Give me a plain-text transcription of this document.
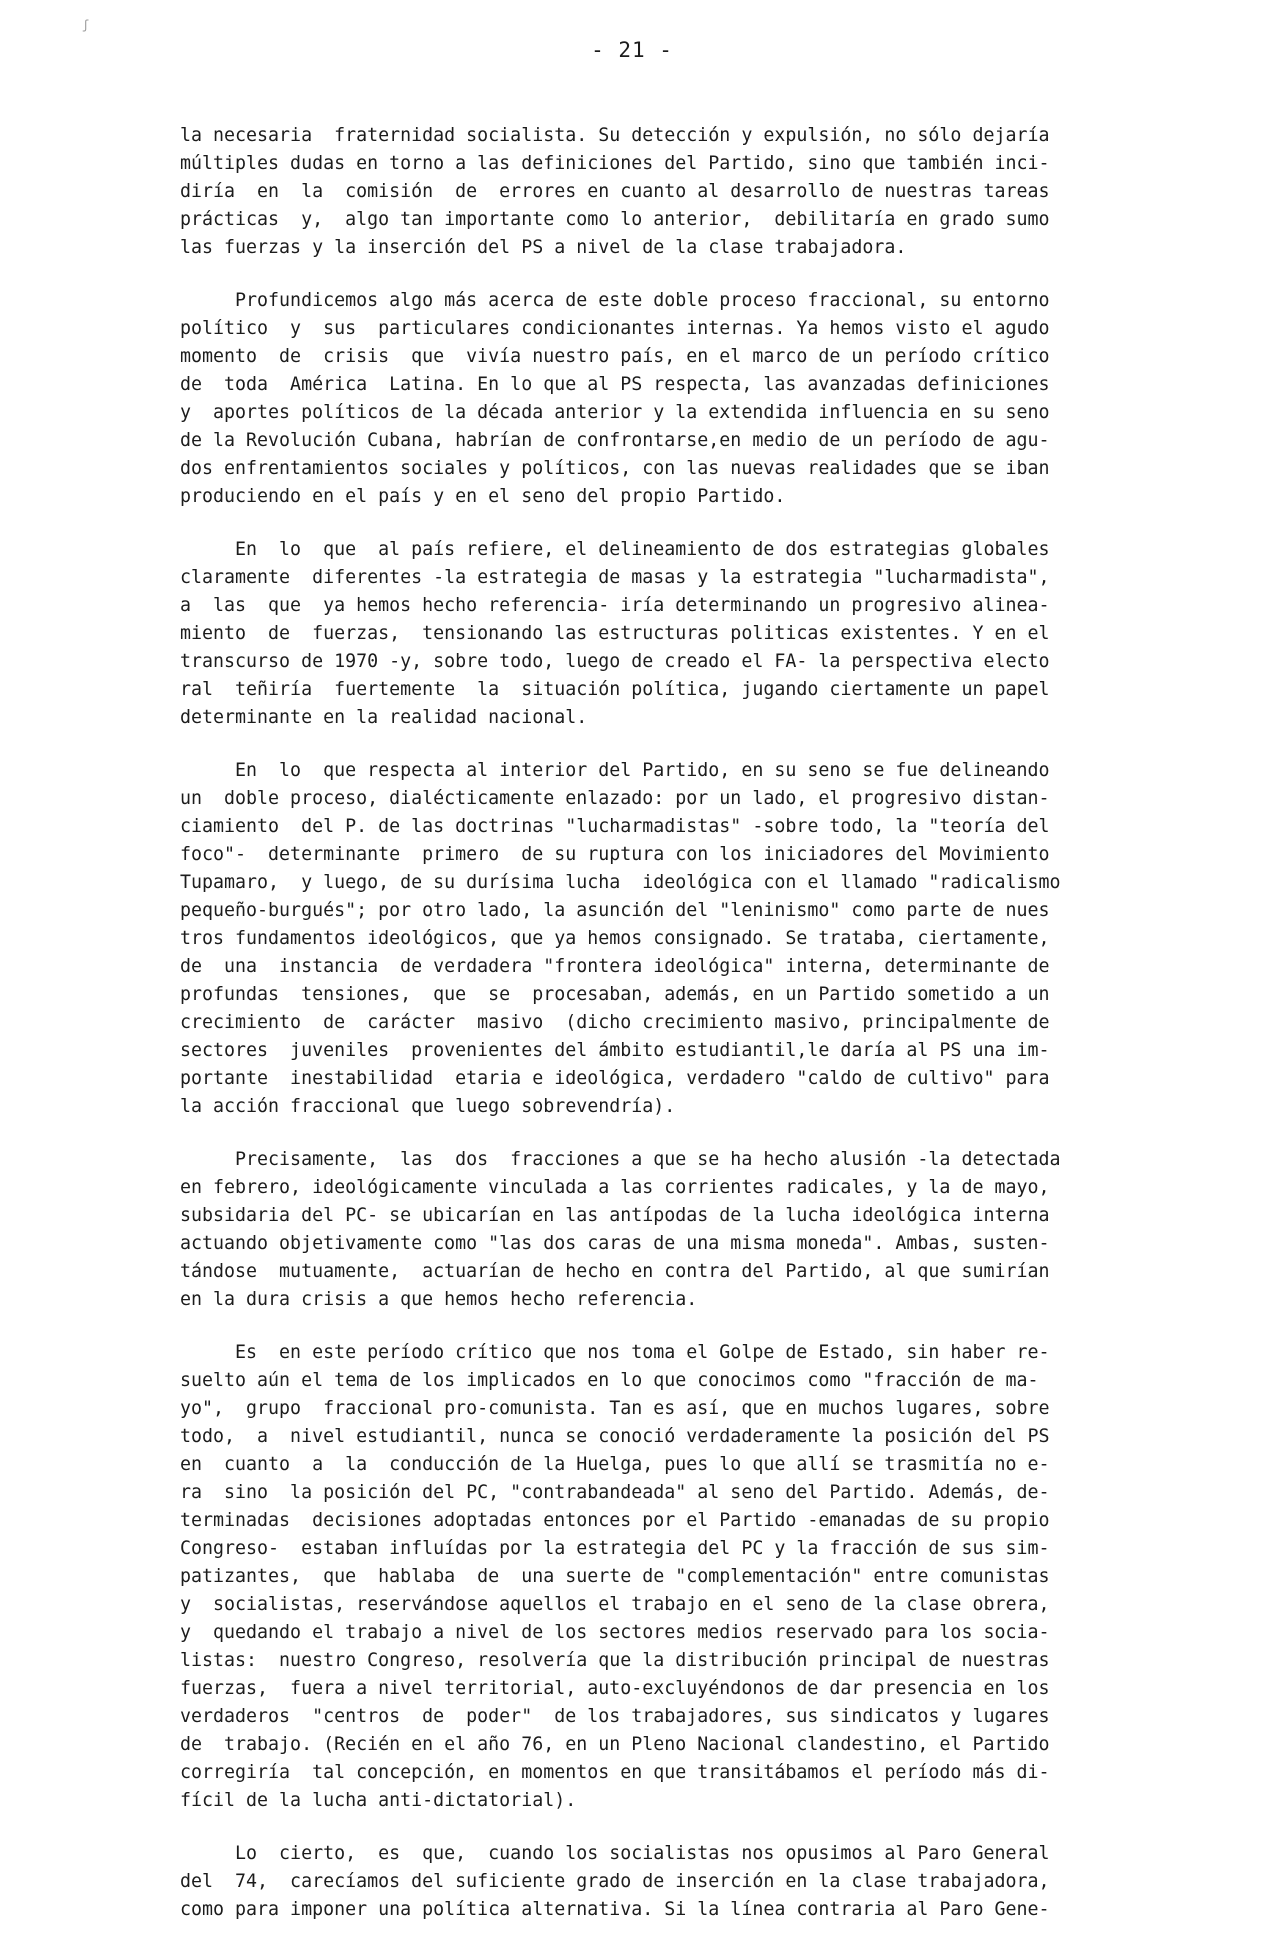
ʃ
- 21 -
la necesaria  fraternidad socialista. Su detección y expulsión, no sólo dejaría
múltiples dudas en torno a las definiciones del Partido, sino que también inci-
diría  en  la  comisión  de  errores en cuanto al desarrollo de nuestras tareas
prácticas  y,  algo tan importante como lo anterior,  debilitaría en grado sumo
las fuerzas y la inserción del PS a nivel de la clase trabajadora.
Profundicemos algo más acerca de este doble proceso fraccional, su entorno
político  y  sus  particulares condicionantes internas. Ya hemos visto el agudo
momento  de  crisis  que  vivía nuestro país, en el marco de un período crítico
de  toda  América  Latina. En lo que al PS respecta, las avanzadas definiciones
y  aportes políticos de la década anterior y la extendida influencia en su seno
de la Revolución Cubana, habrían de confrontarse,en medio de un período de agu-
dos enfrentamientos sociales y políticos, con las nuevas realidades que se iban
produciendo en el país y en el seno del propio Partido.
En  lo  que  al país refiere, el delineamiento de dos estrategias globales
claramente  diferentes -la estrategia de masas y la estrategia "lucharmadista",
a  las  que  ya hemos hecho referencia- iría determinando un progresivo alinea-
miento  de  fuerzas,  tensionando las estructuras politicas existentes. Y en el
transcurso de 1970 -y, sobre todo, luego de creado el FA- la perspectiva electo
ral  teñiría  fuertemente  la  situación política, jugando ciertamente un papel
determinante en la realidad nacional.
En  lo  que respecta al interior del Partido, en su seno se fue delineando
un  doble proceso, dialécticamente enlazado: por un lado, el progresivo distan-
ciamiento  del P. de las doctrinas "lucharmadistas" -sobre todo, la "teoría del
foco"-  determinante  primero  de su ruptura con los iniciadores del Movimiento
Tupamaro,  y luego, de su durísima lucha  ideológica con el llamado "radicalismo
pequeño-burgués"; por otro lado, la asunción del "leninismo" como parte de nues
tros fundamentos ideológicos, que ya hemos consignado. Se trataba, ciertamente,
de  una  instancia  de verdadera "frontera ideológica" interna, determinante de
profundas  tensiones,  que  se  procesaban, además, en un Partido sometido a un
crecimiento  de  carácter  masivo  (dicho crecimiento masivo, principalmente de
sectores  juveniles  provenientes del ámbito estudiantil,le daría al PS una im-
portante  inestabilidad  etaria e ideológica, verdadero "caldo de cultivo" para
la acción fraccional que luego sobrevendría).
Precisamente,  las  dos  fracciones a que se ha hecho alusión -la detectada
en febrero, ideológicamente vinculada a las corrientes radicales, y la de mayo,
subsidaria del PC- se ubicarían en las antípodas de la lucha ideológica interna
actuando objetivamente como "las dos caras de una misma moneda". Ambas, susten-
tándose  mutuamente,  actuarían de hecho en contra del Partido, al que sumirían
en la dura crisis a que hemos hecho referencia.
Es  en este período crítico que nos toma el Golpe de Estado, sin haber re-
suelto aún el tema de los implicados en lo que conocimos como "fracción de ma-
yo",  grupo  fraccional pro-comunista. Tan es así, que en muchos lugares, sobre
todo,  a  nivel estudiantil, nunca se conoció verdaderamente la posición del PS
en  cuanto  a  la  conducción de la Huelga, pues lo que allí se trasmitía no e-
ra  sino  la posición del PC, "contrabandeada" al seno del Partido. Además, de-
terminadas  decisiones adoptadas entonces por el Partido -emanadas de su propio
Congreso-  estaban influídas por la estrategia del PC y la fracción de sus sim-
patizantes,  que  hablaba  de  una suerte de "complementación" entre comunistas
y  socialistas, reservándose aquellos el trabajo en el seno de la clase obrera,
y  quedando el trabajo a nivel de los sectores medios reservado para los socia-
listas:  nuestro Congreso, resolvería que la distribución principal de nuestras
fuerzas,  fuera a nivel territorial, auto-excluyéndonos de dar presencia en los
verdaderos  "centros  de  poder"  de los trabajadores, sus sindicatos y lugares
de  trabajo. (Recién en el año 76, en un Pleno Nacional clandestino, el Partido
corregiría  tal concepción, en momentos en que transitábamos el período más di-
fícil de la lucha anti-dictatorial).
Lo  cierto,  es  que,  cuando los socialistas nos opusimos al Paro General
del  74,  carecíamos del suficiente grado de inserción en la clase trabajadora,
como para imponer una política alternativa. Si la línea contraria al Paro Gene-
